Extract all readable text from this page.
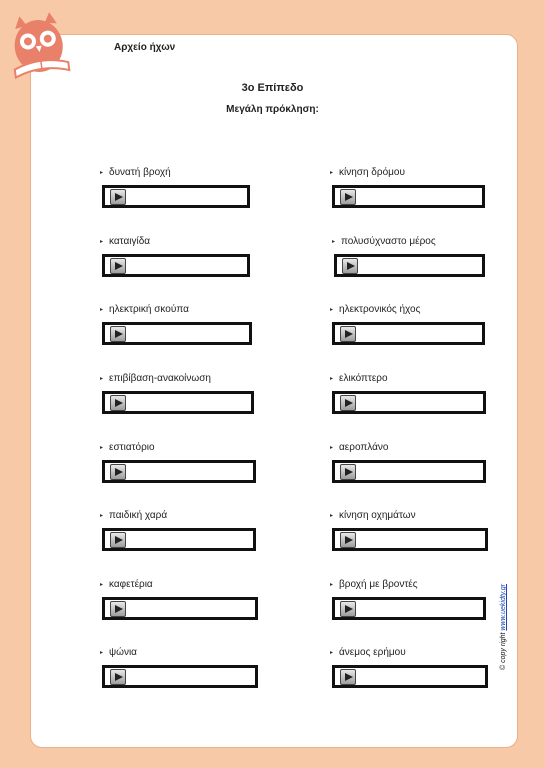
Αρχείο ήχων
3ο Επίπεδο
Μεγάλη πρόκληση:
▸ δυνατή βροχή
▸ καταιγίδα
▸ ηλεκτρική σκούπα
▸ επιβίβαση-ανακοίνωση
▸ εστιατόριο
▸ παιδική χαρά
▸ καφετέρια
▸ ψώνια
▸ κίνηση δρόμου
▸ πολυσύχναστο μέρος
▸ ηλεκτρονικός ήχος
▸ ελικόπτερο
▸ αεροπλάνο
▸ κίνηση οχημάτων
▸ βροχή με βροντές
▸ άνεμος ερήμου	© copy right www.uekidty.gr
